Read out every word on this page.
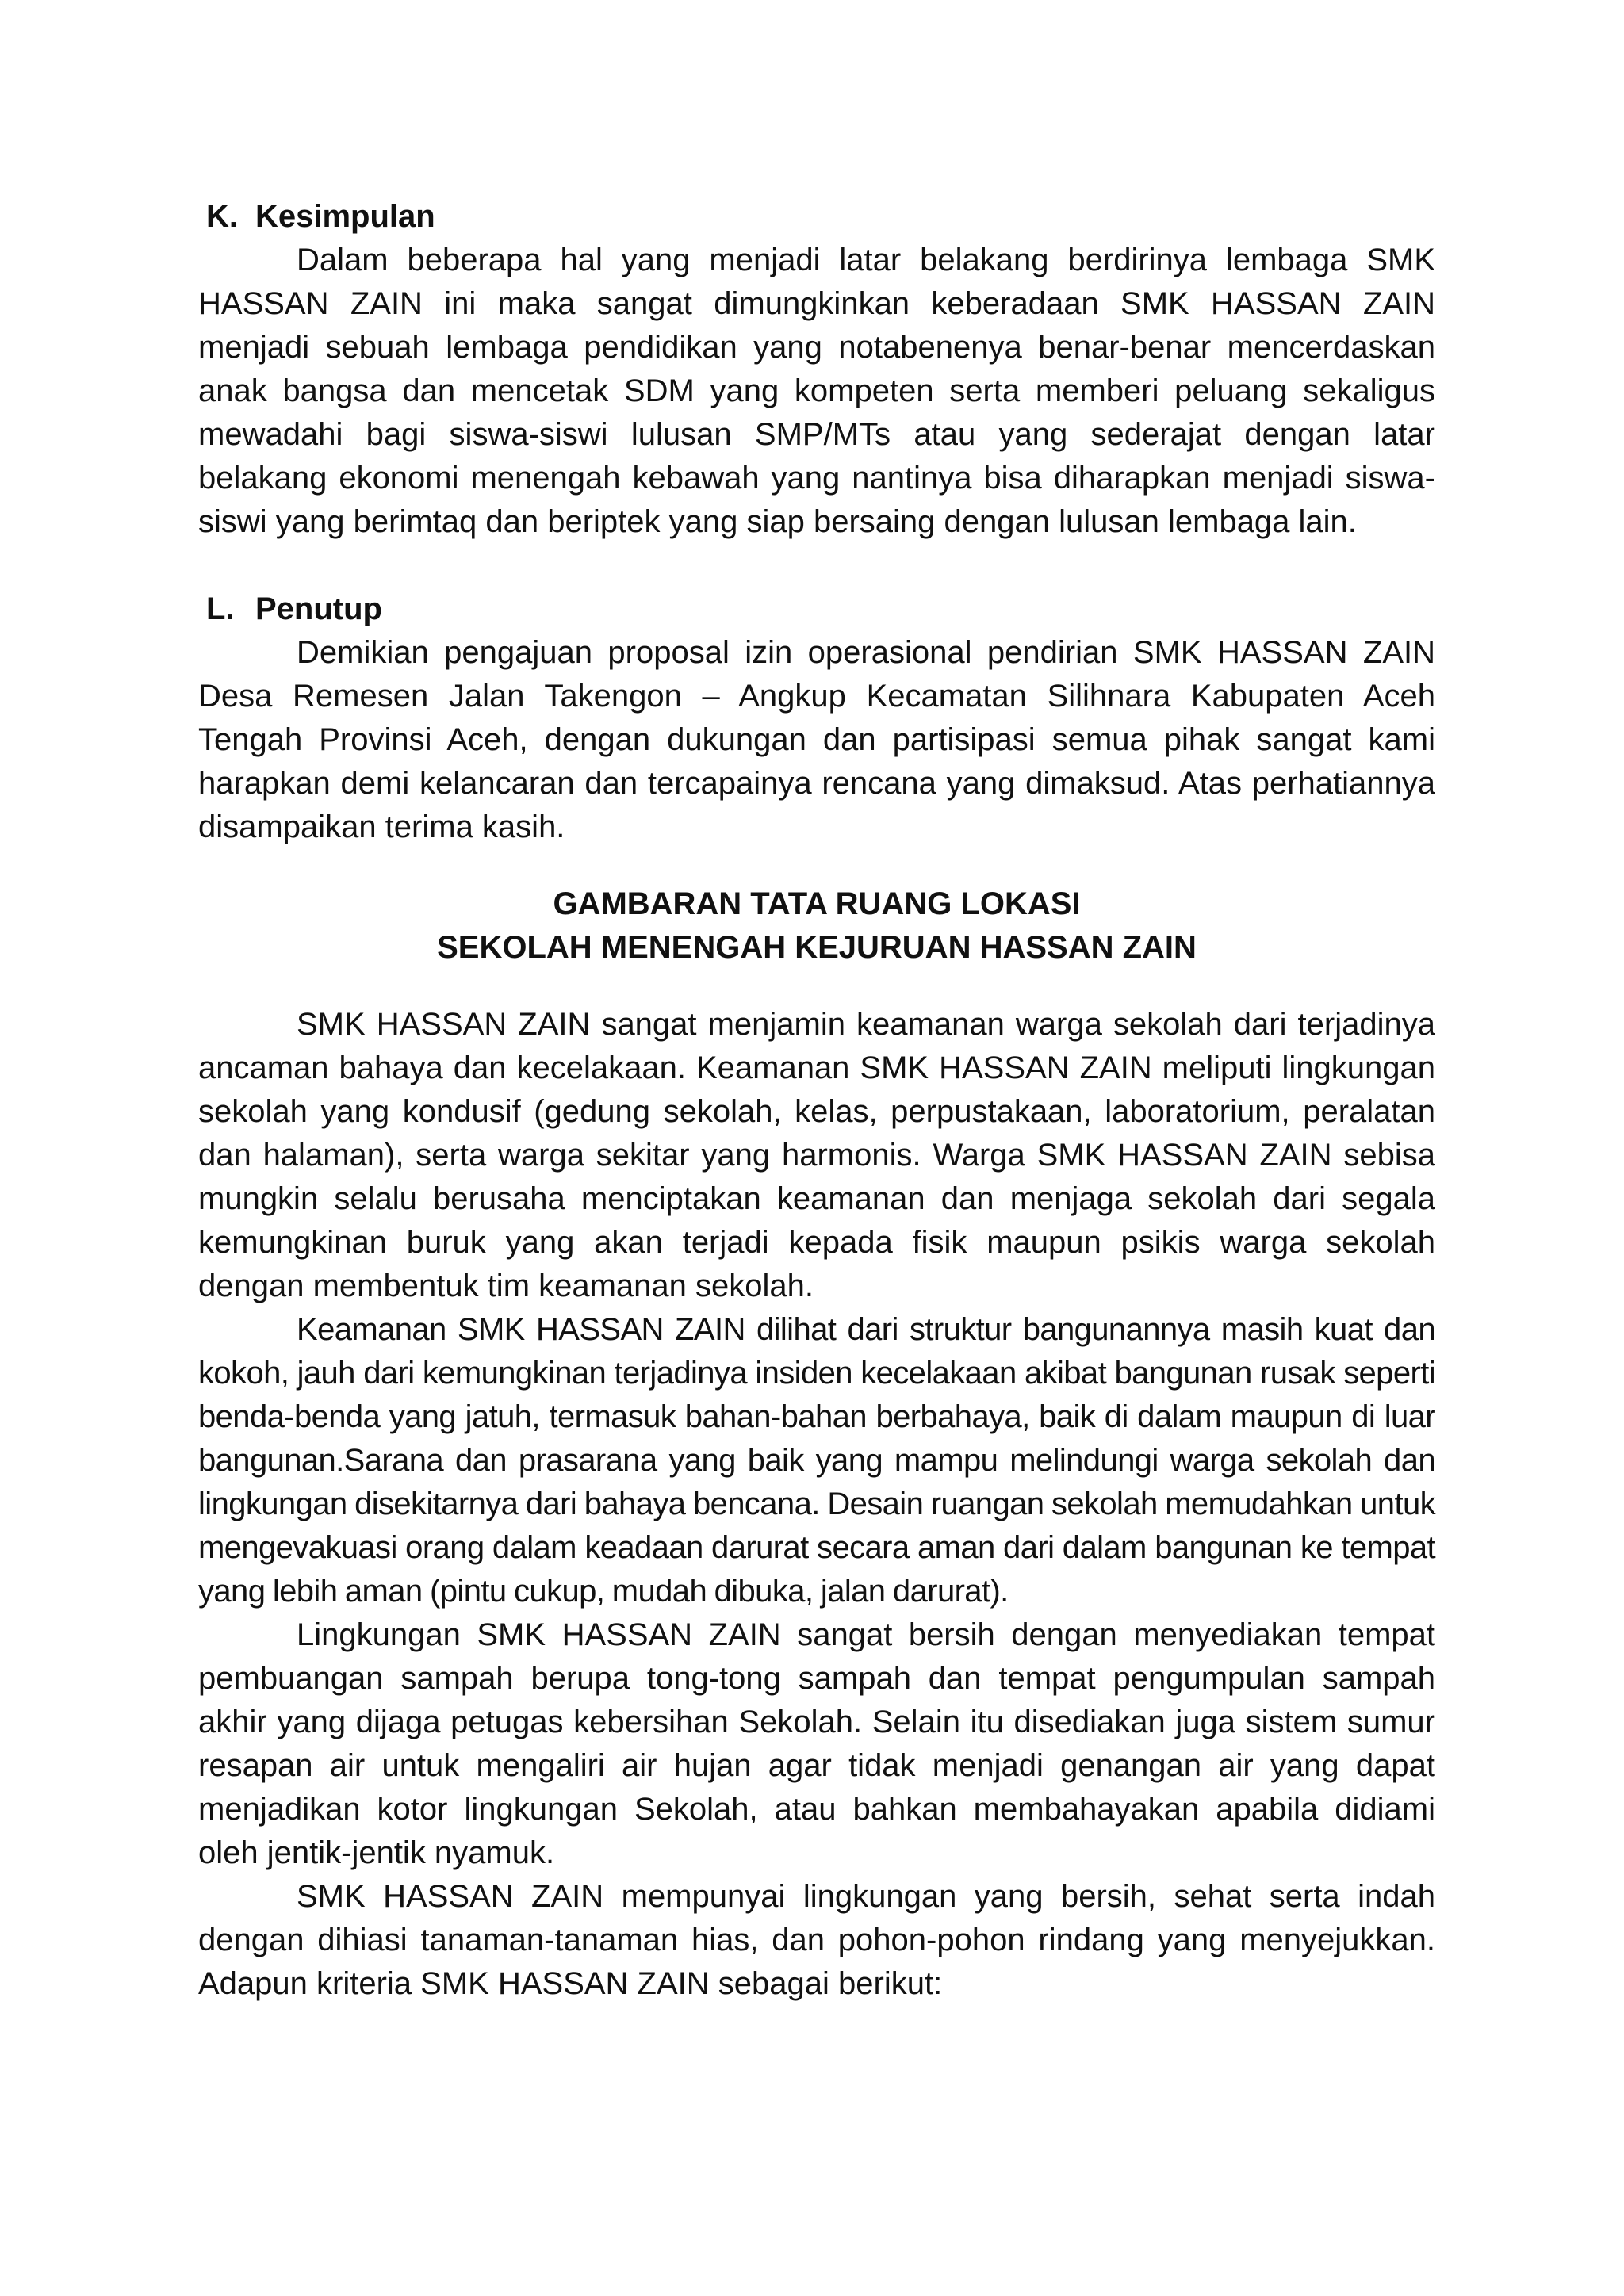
K. Kesimpulan

Dalam beberapa hal yang menjadi latar belakang berdirinya lembaga SMK HASSAN ZAIN ini maka sangat dimungkinkan keberadaan SMK HASSAN ZAIN menjadi sebuah lembaga pendidikan yang notabenenya benar-benar mencerdaskan anak bangsa dan mencetak SDM yang kompeten serta memberi peluang sekaligus mewadahi bagi siswa-siswi lulusan SMP/MTs atau yang sederajat dengan latar belakang ekonomi menengah kebawah yang nantinya bisa diharapkan menjadi siswa-siswi yang berimtaq dan beriptek yang siap bersaing dengan lulusan lembaga lain.

L. Penutup

Demikian pengajuan proposal izin operasional pendirian SMK HASSAN ZAIN Desa Remesen Jalan Takengon – Angkup Kecamatan Silihnara Kabupaten Aceh Tengah Provinsi Aceh, dengan dukungan dan partisipasi semua pihak sangat kami harapkan demi kelancaran dan tercapainya rencana yang dimaksud. Atas perhatiannya disampaikan terima kasih.

GAMBARAN TATA RUANG LOKASI
SEKOLAH MENENGAH KEJURUAN HASSAN ZAIN

SMK HASSAN ZAIN sangat menjamin keamanan warga sekolah dari terjadinya ancaman bahaya dan kecelakaan. Keamanan SMK HASSAN ZAIN meliputi lingkungan sekolah yang kondusif (gedung sekolah, kelas, perpustakaan, laboratorium, peralatan dan halaman), serta warga sekitar yang harmonis. Warga SMK HASSAN ZAIN sebisa mungkin selalu berusaha menciptakan keamanan dan menjaga sekolah dari segala kemungkinan buruk yang akan terjadi kepada fisik maupun psikis warga sekolah dengan membentuk tim keamanan sekolah.

Keamanan SMK HASSAN ZAIN dilihat dari struktur bangunannya masih kuat dan kokoh, jauh dari kemungkinan terjadinya insiden kecelakaan akibat bangunan rusak seperti benda-benda yang jatuh, termasuk bahan-bahan berbahaya, baik di dalam maupun di luar bangunan.Sarana dan prasarana yang baik yang mampu melindungi warga sekolah dan lingkungan disekitarnya dari bahaya bencana. Desain ruangan sekolah memudahkan untuk mengevakuasi orang dalam keadaan darurat secara aman dari dalam bangunan ke tempat yang lebih aman (pintu cukup, mudah dibuka, jalan darurat).

Lingkungan SMK HASSAN ZAIN sangat bersih dengan menyediakan tempat pembuangan sampah berupa tong-tong sampah dan tempat pengumpulan sampah akhir yang dijaga petugas kebersihan Sekolah. Selain itu disediakan juga sistem sumur resapan air untuk mengaliri air hujan agar tidak menjadi genangan air yang dapat menjadikan kotor lingkungan Sekolah, atau bahkan membahayakan apabila didiami oleh jentik-jentik nyamuk.

SMK HASSAN ZAIN mempunyai lingkungan yang bersih, sehat serta indah dengan dihiasi tanaman-tanaman hias, dan pohon-pohon rindang yang menyejukkan. Adapun kriteria SMK HASSAN ZAIN sebagai berikut:
